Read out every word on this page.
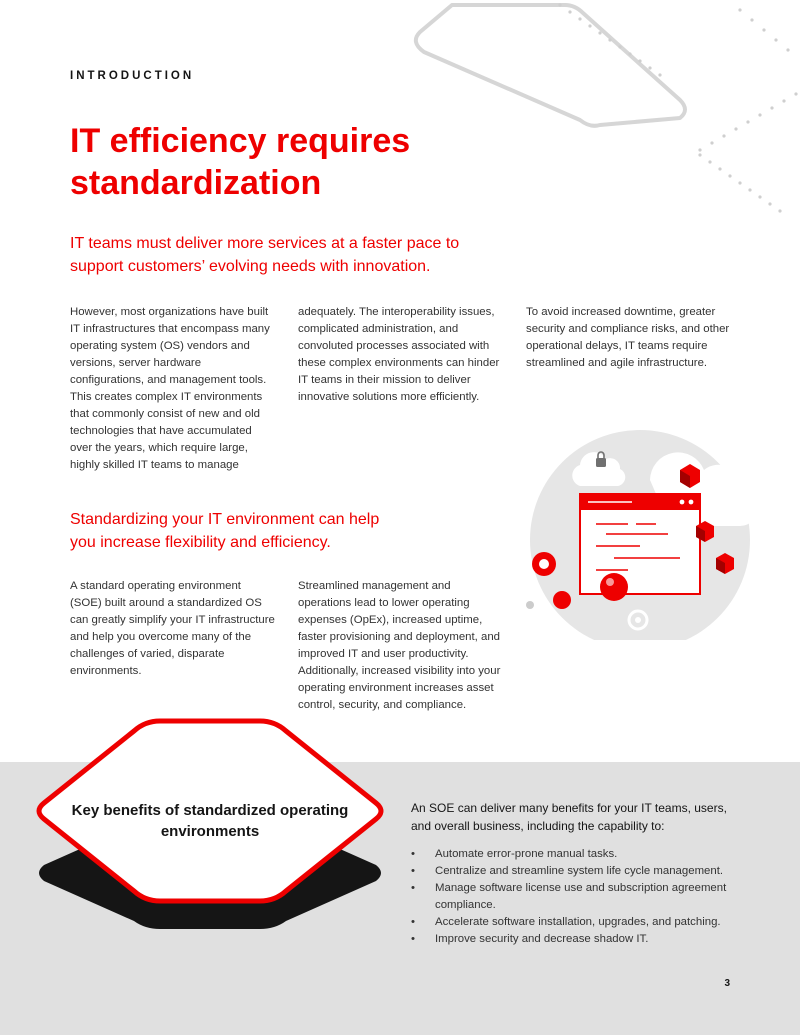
INTRODUCTION

IT efficiency requires standardization
IT teams must deliver more services at a faster pace to support customers’ evolving needs with innovation.

However, most organizations have built IT infrastructures that encompass many operating system (OS) vendors and versions, server hardware configurations, and management tools. This creates complex IT environments that commonly consist of new and old technologies that have accumulated over the years, which require large, highly skilled IT teams to manage

adequately. The interoperability issues, complicated administration, and convoluted processes associated with these complex environments can hinder IT teams in their mission to deliver innovative solutions more efficiently.

To avoid increased downtime, greater security and compliance risks, and other operational delays, IT teams require streamlined and agile infrastructure.

Standardizing your IT environment can help you increase flexibility and efficiency.

A standard operating environment (SOE) built around a standardized OS can greatly simplify your IT infrastructure and help you overcome many of the challenges of varied, disparate environments.

Streamlined management and operations lead to lower operating expenses (OpEx), increased uptime, faster provisioning and deployment, and improved IT and user productivity. Additionally, increased visibility into your operating environment increases asset control, security, and compliance.

Key benefits of standardized operating environments

An SOE can deliver many benefits for your IT teams, users, and overall business, including the capability to:

• Automate error-prone manual tasks.
• Centralize and streamline system life cycle management.
• Manage software license use and subscription agreement compliance.
• Accelerate software installation, upgrades, and patching.
• Improve security and decrease shadow IT.

3
